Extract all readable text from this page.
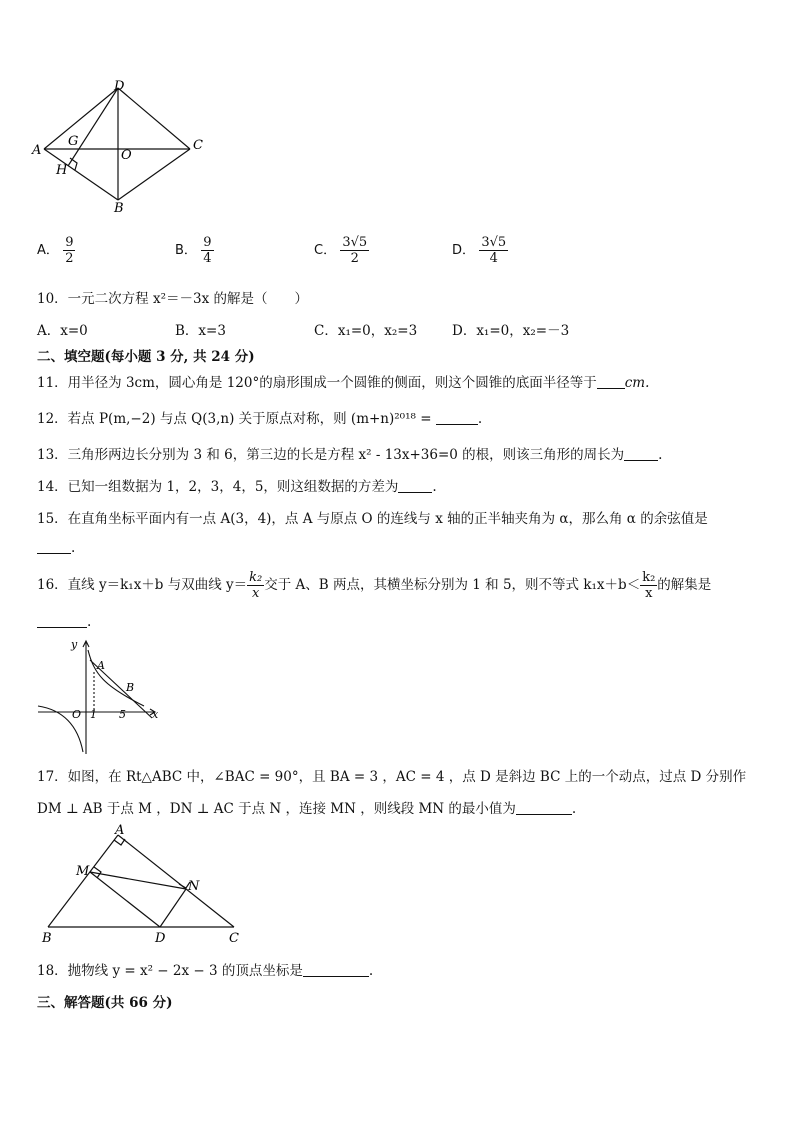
D
A
G
O
C
H
B
A． $\frac{9}{2}$	B． $\frac{9}{4}$	C． $\frac{3√5}{2}$	D． $\frac{3√5}{4}$
10．一元二次方程 x²＝－3x 的解是（　　）
A．x=0	B．x=3	C．x₁=0，x₂=3	D．x₁=0，x₂=－3
二、填空题(每小题 3 分, 共 24 分)
11．用半径为 3cm，圆心角是 120°的扇形围成一个圆锥的侧面，则这个圆锥的底面半径等于 cm.
12．若点 P(m,−2) 与点 Q(3,n) 关于原点对称，则 (m+n)²⁰¹⁸ =	.
13．三角形两边长分别为 3 和 6，第三边的长是方程 x² - 13x+36=0 的根，则该三角形的周长为	.
14．已知一组数据为 1，2，3，4，5，则这组数据的方差为	.
15．在直角坐标平面内有一点 A(3，4)，点 A 与原点 O 的连线与 x 轴的正半轴夹角为 α，那么角 α 的余弦值是
.
16．直线 y＝k₁x＋b 与双曲线 $y= \frac{\text{k₂}}{x}$ 交于 A、B 两点，其横坐标分别为 1 和 5，则不等式 $k_1x+b< \frac{\text{k₂}}{x}$ 的解集是
.
y
A
B
O 1 5 x
17．如图，在 Rt△ABC 中，∠BAC = 90°，且 BA = 3 ，AC = 4 ，点 D 是斜边 BC 上的一个动点，过点 D 分别作
DM ⊥ AB 于点 M ，DN ⊥ AC 于点 N ，连接 MN ，则线段 MN 的最小值为	.
A
M
N
B	D	C
18．抛物线 y = x² − 2x − 3 的顶点坐标是	.
三、解答题(共 66 分)
